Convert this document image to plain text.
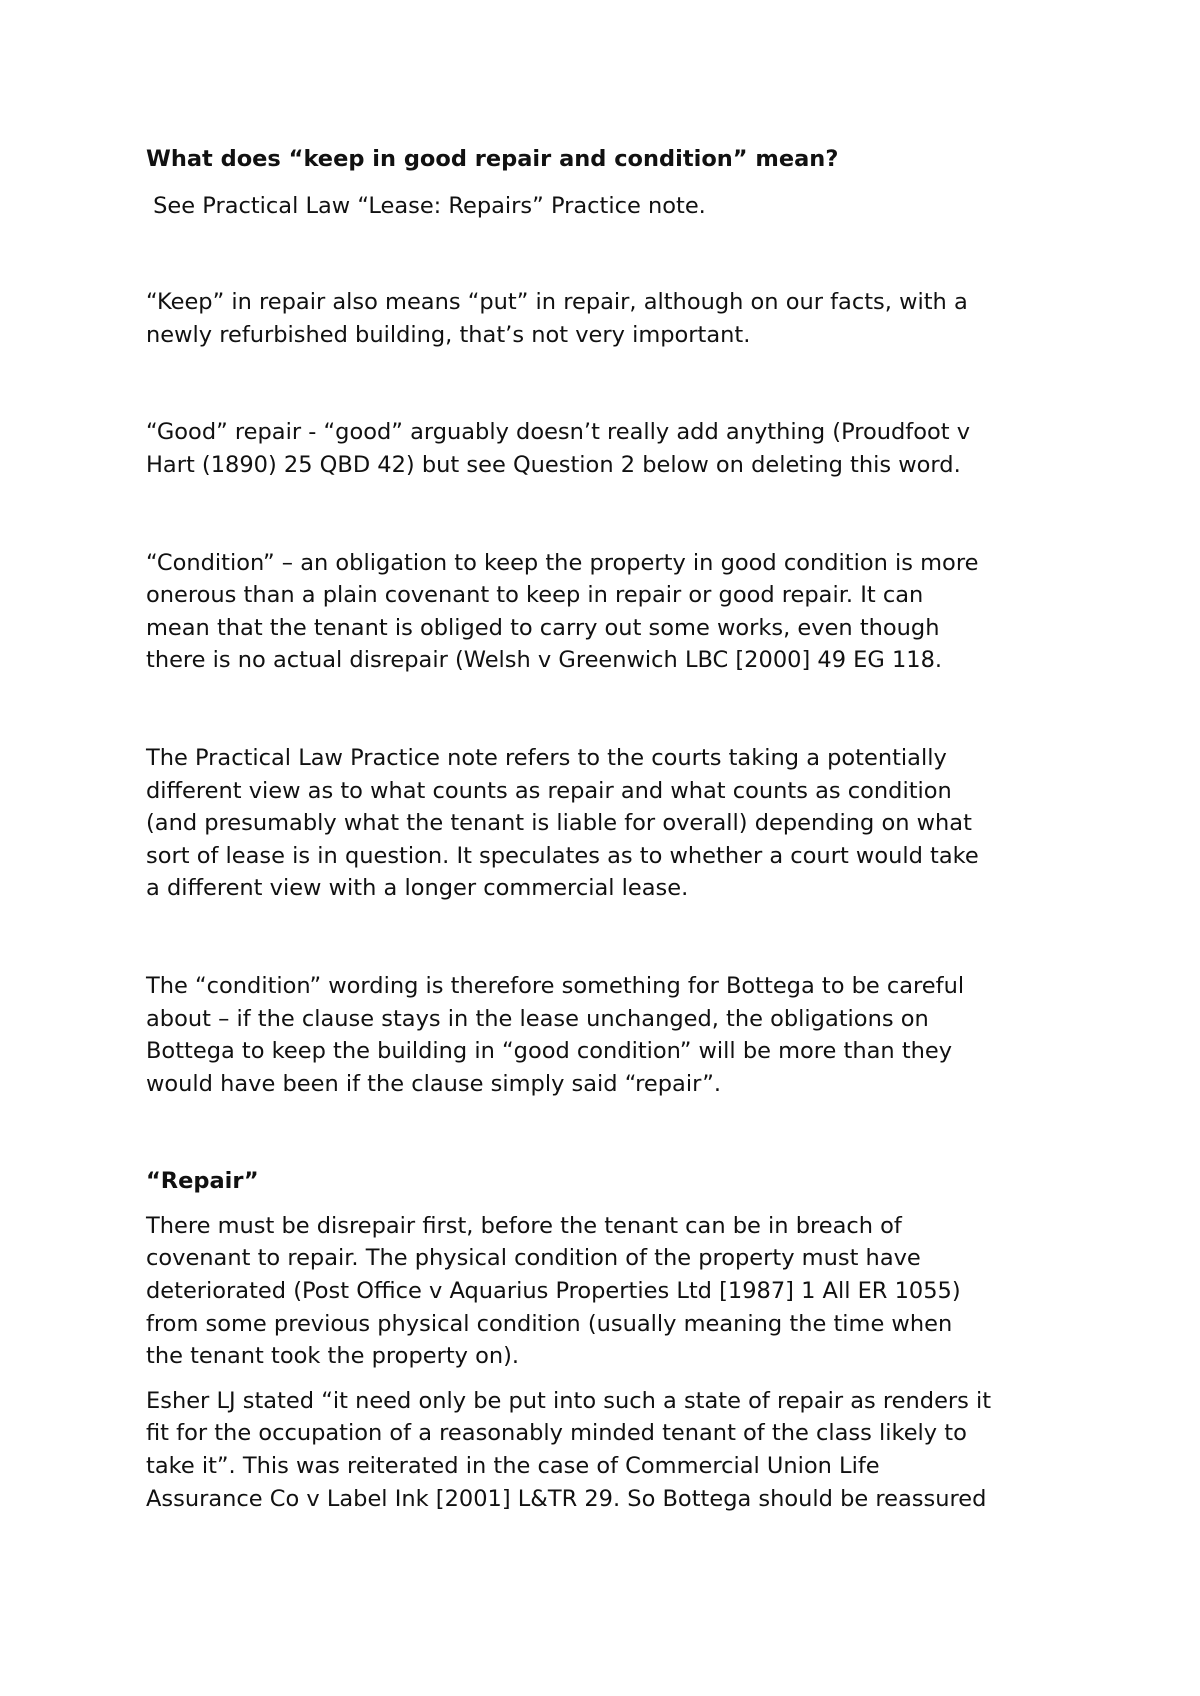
What does “keep in good repair and condition” mean?

See Practical Law “Lease: Repairs” Practice note.

“Keep” in repair also means “put” in repair, although on our facts, with a
newly refurbished building, that’s not very important.

“Good” repair - “good” arguably doesn’t really add anything (Proudfoot v
Hart (1890) 25 QBD 42) but see Question 2 below on deleting this word.

“Condition” – an obligation to keep the property in good condition is more
onerous than a plain covenant to keep in repair or good repair. It can
mean that the tenant is obliged to carry out some works, even though
there is no actual disrepair (Welsh v Greenwich LBC [2000] 49 EG 118.

The Practical Law Practice note refers to the courts taking a potentially
different view as to what counts as repair and what counts as condition
(and presumably what the tenant is liable for overall) depending on what
sort of lease is in question. It speculates as to whether a court would take
a different view with a longer commercial lease.

The “condition” wording is therefore something for Bottega to be careful
about – if the clause stays in the lease unchanged, the obligations on
Bottega to keep the building in “good condition” will be more than they
would have been if the clause simply said “repair”.

“Repair”

There must be disrepair first, before the tenant can be in breach of
covenant to repair. The physical condition of the property must have
deteriorated (Post Office v Aquarius Properties Ltd [1987] 1 All ER 1055)
from some previous physical condition (usually meaning the time when
the tenant took the property on).

Esher LJ stated “it need only be put into such a state of repair as renders it
fit for the occupation of a reasonably minded tenant of the class likely to
take it”. This was reiterated in the case of Commercial Union Life
Assurance Co v Label Ink [2001] L&TR 29. So Bottega should be reassured
